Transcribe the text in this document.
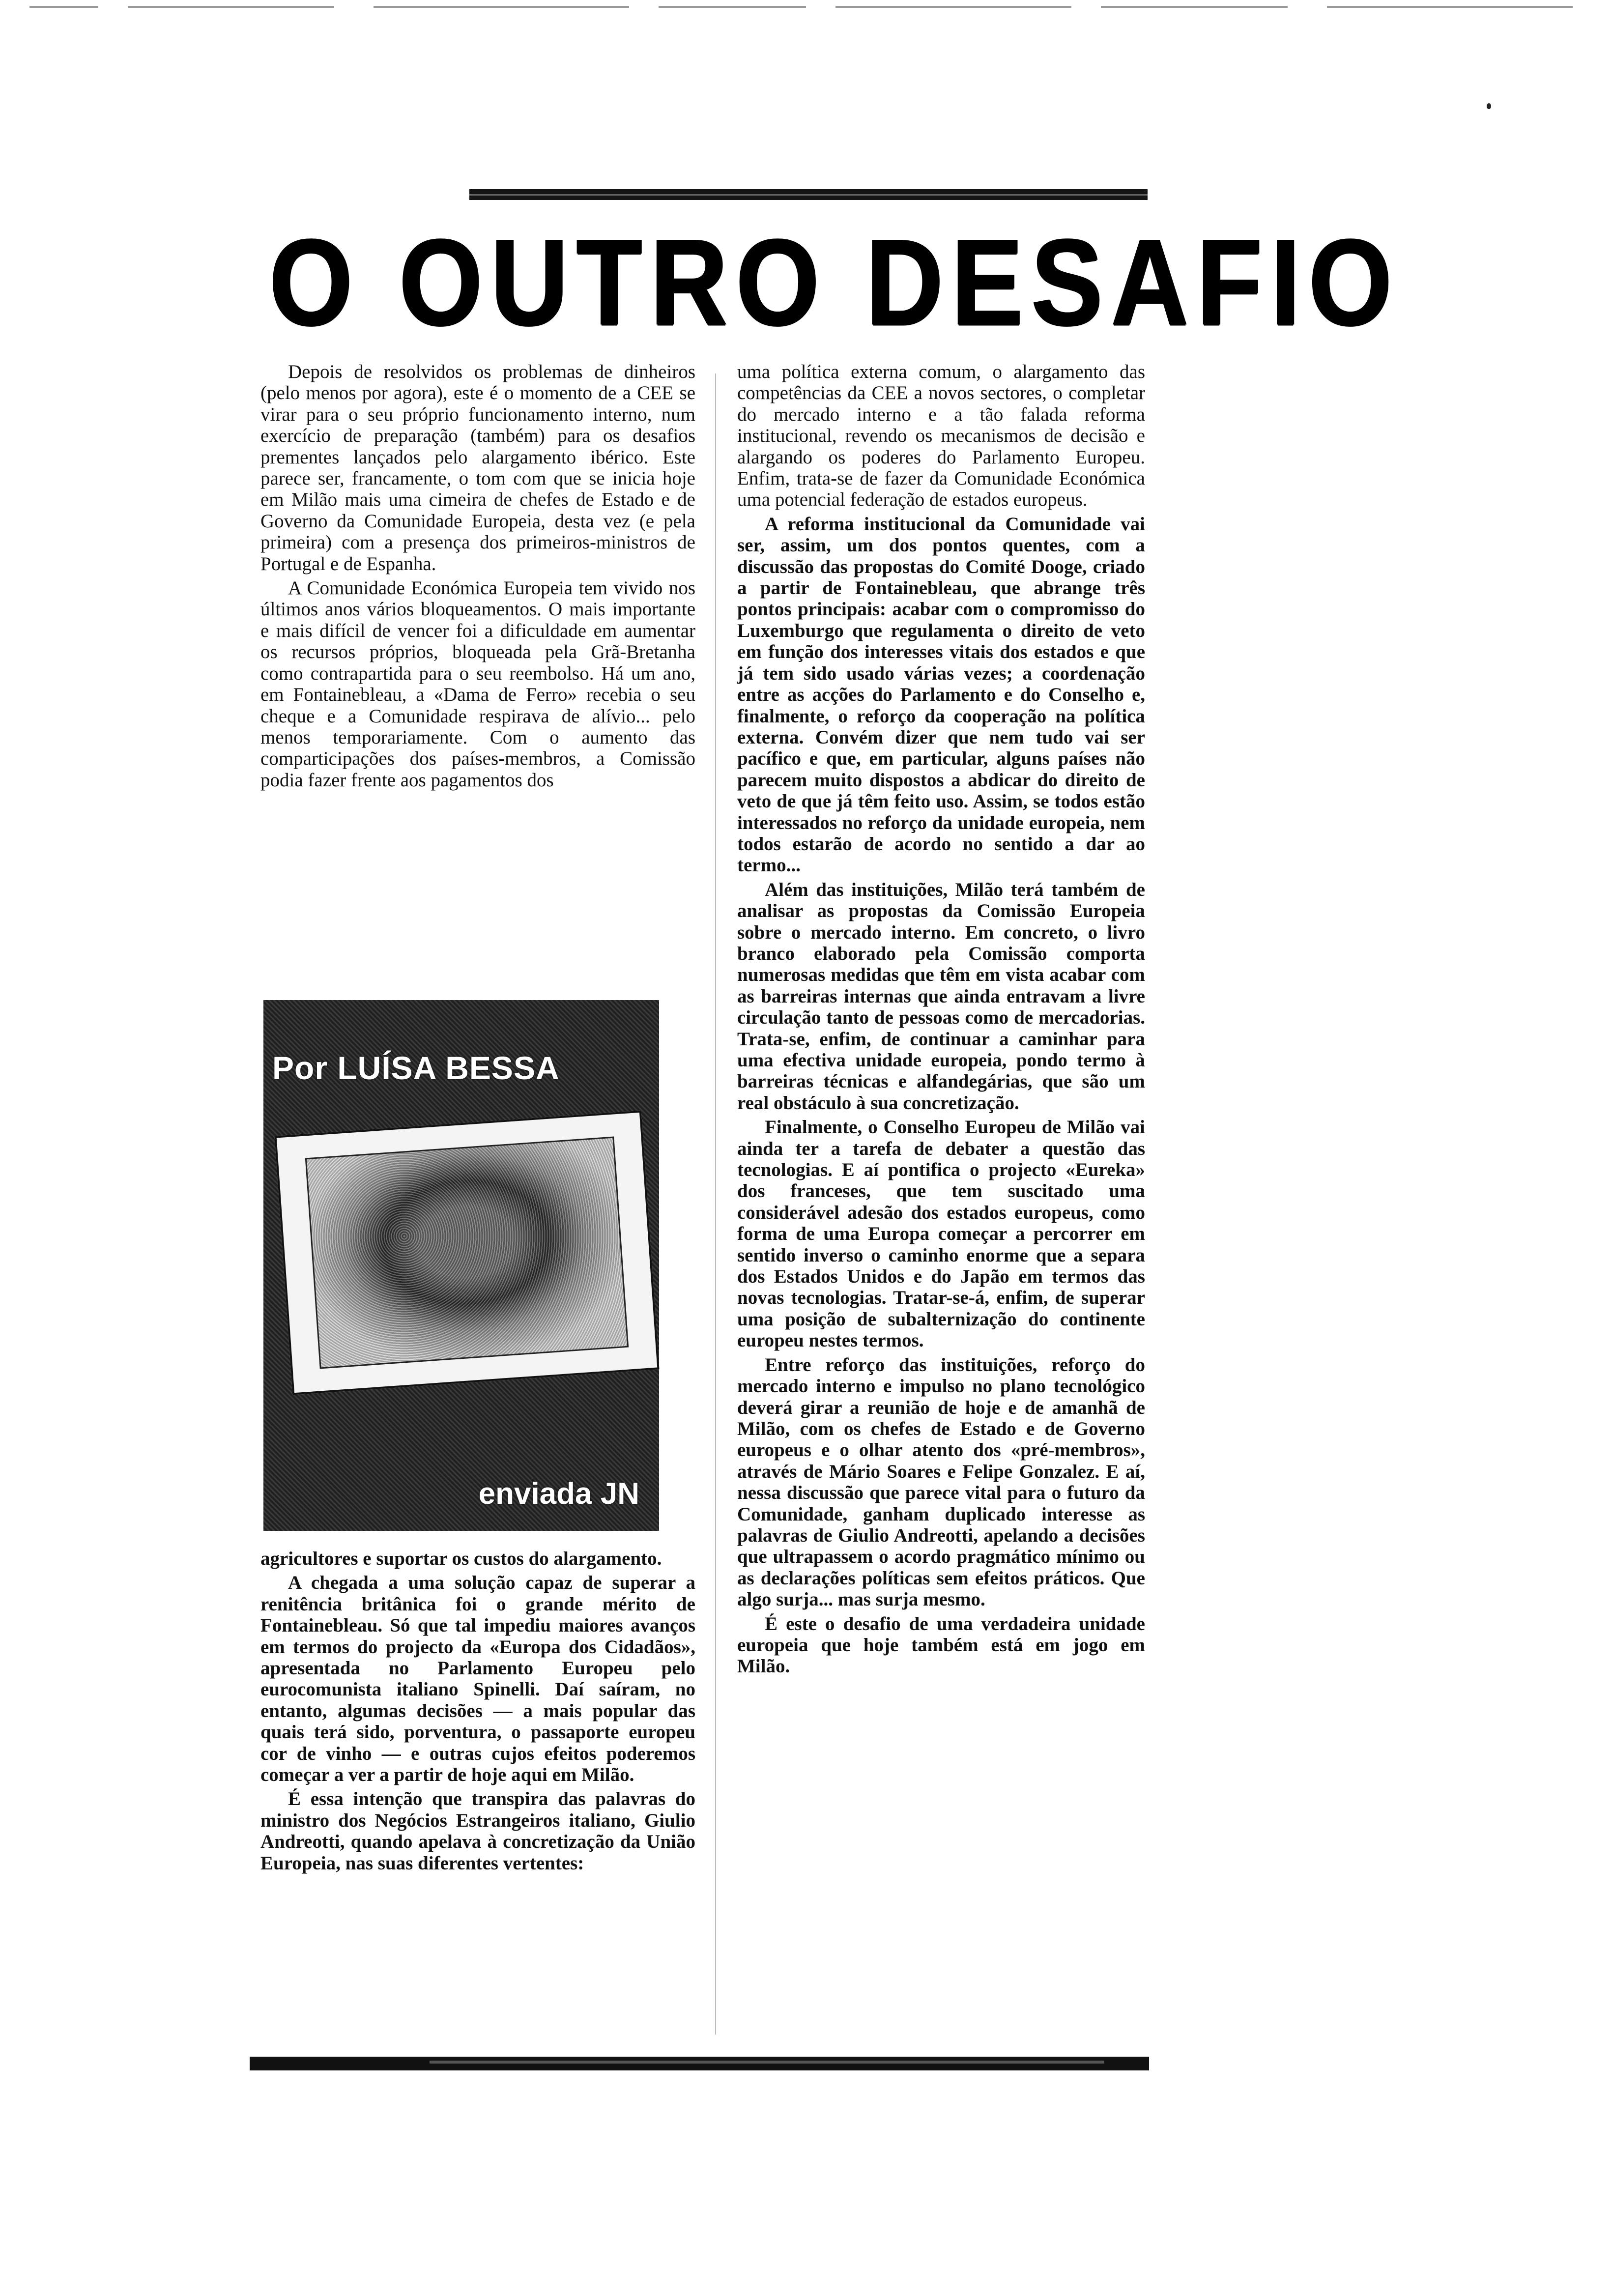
O OUTRO DESAFIO

Depois de resolvidos os problemas de dinheiros (pelo menos por agora), este é o momento de a CEE se virar para o seu próprio funcionamento interno, num exercício de preparação (também) para os desafios prementes lançados pelo alargamento ibérico. Este parece ser, francamente, o tom com que se inicia hoje em Milão mais uma cimeira de chefes de Estado e de Governo da Comunidade Europeia, desta vez (e pela primeira) com a presença dos primeiros-ministros de Portugal e de Espanha.

A Comunidade Económica Europeia tem vivido nos últimos anos vários bloqueamentos. O mais importante e mais difícil de vencer foi a dificuldade em aumentar os recursos próprios, bloqueada pela Grã-Bretanha como contrapartida para o seu reembolso. Há um ano, em Fontainebleau, a «Dama de Ferro» recebia o seu cheque e a Comunidade respirava de alívio... pelo menos temporariamente. Com o aumento das comparticipações dos países-membros, a Comissão podia fazer frente aos pagamentos dos

Por LUÍSA BESSA
enviada JN

agricultores e suportar os custos do alargamento.

A chegada a uma solução capaz de superar a renitência britânica foi o grande mérito de Fontainebleau. Só que tal impediu maiores avanços em termos do projecto da «Europa dos Cidadãos», apresentada no Parlamento Europeu pelo eurocomunista italiano Spinelli. Daí saíram, no entanto, algumas decisões — a mais popular das quais terá sido, porventura, o passaporte europeu cor de vinho — e outras cujos efeitos poderemos começar a ver a partir de hoje aqui em Milão.

É essa intenção que transpira das palavras do ministro dos Negócios Estrangeiros italiano, Giulio Andreotti, quando apelava à concretização da União Europeia, nas suas diferentes vertentes:

uma política externa comum, o alargamento das competências da CEE a novos sectores, o completar do mercado interno e a tão falada reforma institucional, revendo os mecanismos de decisão e alargando os poderes do Parlamento Europeu. Enfim, trata-se de fazer da Comunidade Económica uma potencial federação de estados europeus.

A reforma institucional da Comunidade vai ser, assim, um dos pontos quentes, com a discussão das propostas do Comité Dooge, criado a partir de Fontainebleau, que abrange três pontos principais: acabar com o compromisso do Luxemburgo que regulamenta o direito de veto em função dos interesses vitais dos estados e que já tem sido usado várias vezes; a coordenação entre as acções do Parlamento e do Conselho e, finalmente, o reforço da cooperação na política externa. Convém dizer que nem tudo vai ser pacífico e que, em particular, alguns países não parecem muito dispostos a abdicar do direito de veto de que já têm feito uso. Assim, se todos estão interessados no reforço da unidade europeia, nem todos estarão de acordo no sentido a dar ao termo...

Além das instituições, Milão terá também de analisar as propostas da Comissão Europeia sobre o mercado interno. Em concreto, o livro branco elaborado pela Comissão comporta numerosas medidas que têm em vista acabar com as barreiras internas que ainda entravam a livre circulação tanto de pessoas como de mercadorias. Trata-se, enfim, de continuar a caminhar para uma efectiva unidade europeia, pondo termo à barreiras técnicas e alfandegárias, que são um real obstáculo à sua concretização.

Finalmente, o Conselho Europeu de Milão vai ainda ter a tarefa de debater a questão das tecnologias. E aí pontifica o projecto «Eureka» dos franceses, que tem suscitado uma considerável adesão dos estados europeus, como forma de uma Europa começar a percorrer em sentido inverso o caminho enorme que a separa dos Estados Unidos e do Japão em termos das novas tecnologias. Tratar-se-á, enfim, de superar uma posição de subalternização do continente europeu nestes termos.

Entre reforço das instituições, reforço do mercado interno e impulso no plano tecnológico deverá girar a reunião de hoje e de amanhã de Milão, com os chefes de Estado e de Governo europeus e o olhar atento dos «pré-membros», através de Mário Soares e Felipe Gonzalez. E aí, nessa discussão que parece vital para o futuro da Comunidade, ganham duplicado interesse as palavras de Giulio Andreotti, apelando a decisões que ultrapassem o acordo pragmático mínimo ou as declarações políticas sem efeitos práticos. Que algo surja... mas surja mesmo.

É este o desafio de uma verdadeira unidade europeia que hoje também está em jogo em Milão.
